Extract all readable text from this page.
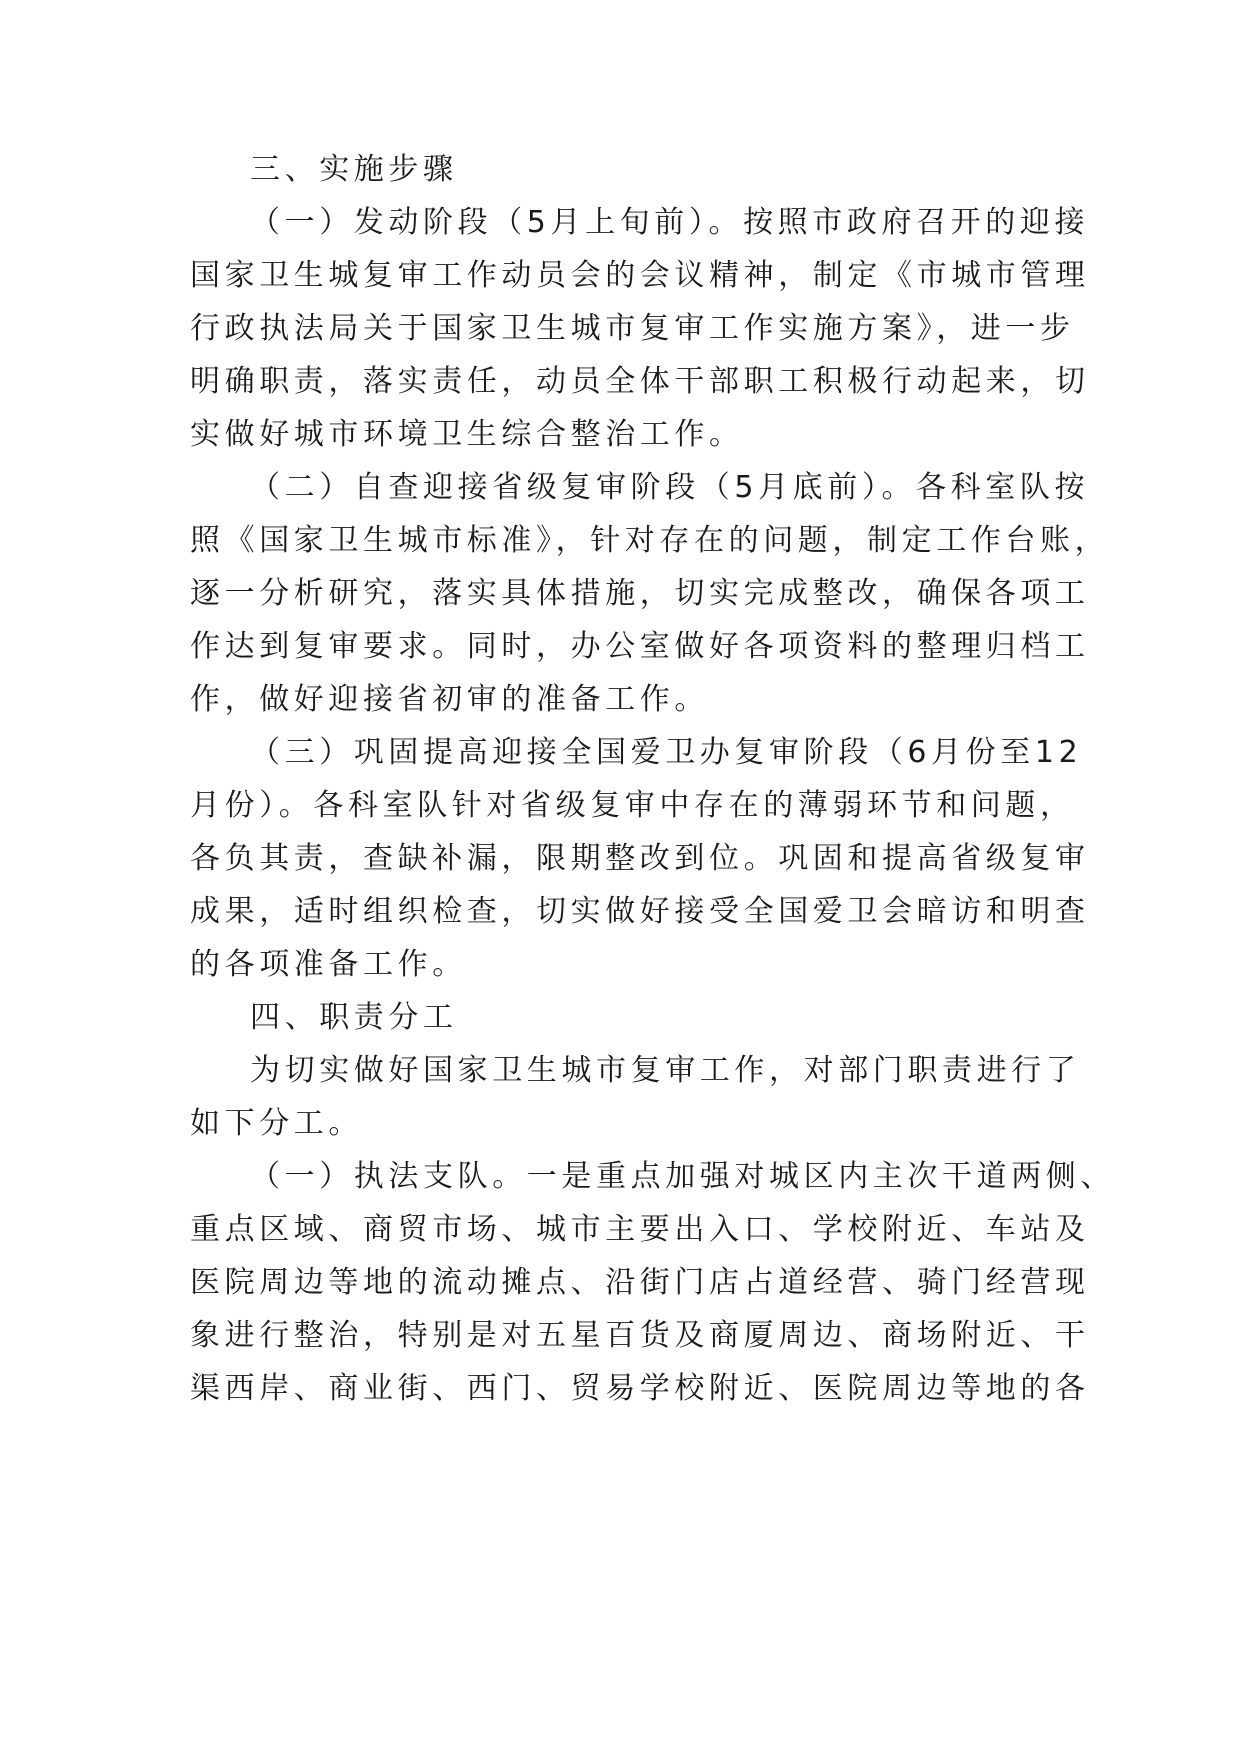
三、实施步骤
（一）发动阶段（5月上旬前）。按照市政府召开的迎接
国家卫生城复审工作动员会的会议精神，制定《市城市管理
行政执法局关于国家卫生城市复审工作实施方案》，进一步
明确职责，落实责任，动员全体干部职工积极行动起来，切
实做好城市环境卫生综合整治工作。
（二）自查迎接省级复审阶段（5月底前）。各科室队按
照《国家卫生城市标准》，针对存在的问题，制定工作台账，
逐一分析研究，落实具体措施，切实完成整改，确保各项工
作达到复审要求。同时，办公室做好各项资料的整理归档工
作，做好迎接省初审的准备工作。
（三）巩固提高迎接全国爱卫办复审阶段（6月份至12
月份）。各科室队针对省级复审中存在的薄弱环节和问题，
各负其责，查缺补漏，限期整改到位。巩固和提高省级复审
成果，适时组织检查，切实做好接受全国爱卫会暗访和明查
的各项准备工作。
四、职责分工
为切实做好国家卫生城市复审工作，对部门职责进行了
如下分工。
（一）执法支队。一是重点加强对城区内主次干道两侧、
重点区域、商贸市场、城市主要出入口、学校附近、车站及
医院周边等地的流动摊点、沿街门店占道经营、骑门经营现
象进行整治，特别是对五星百货及商厦周边、商场附近、干
渠西岸、商业街、西门、贸易学校附近、医院周边等地的各
